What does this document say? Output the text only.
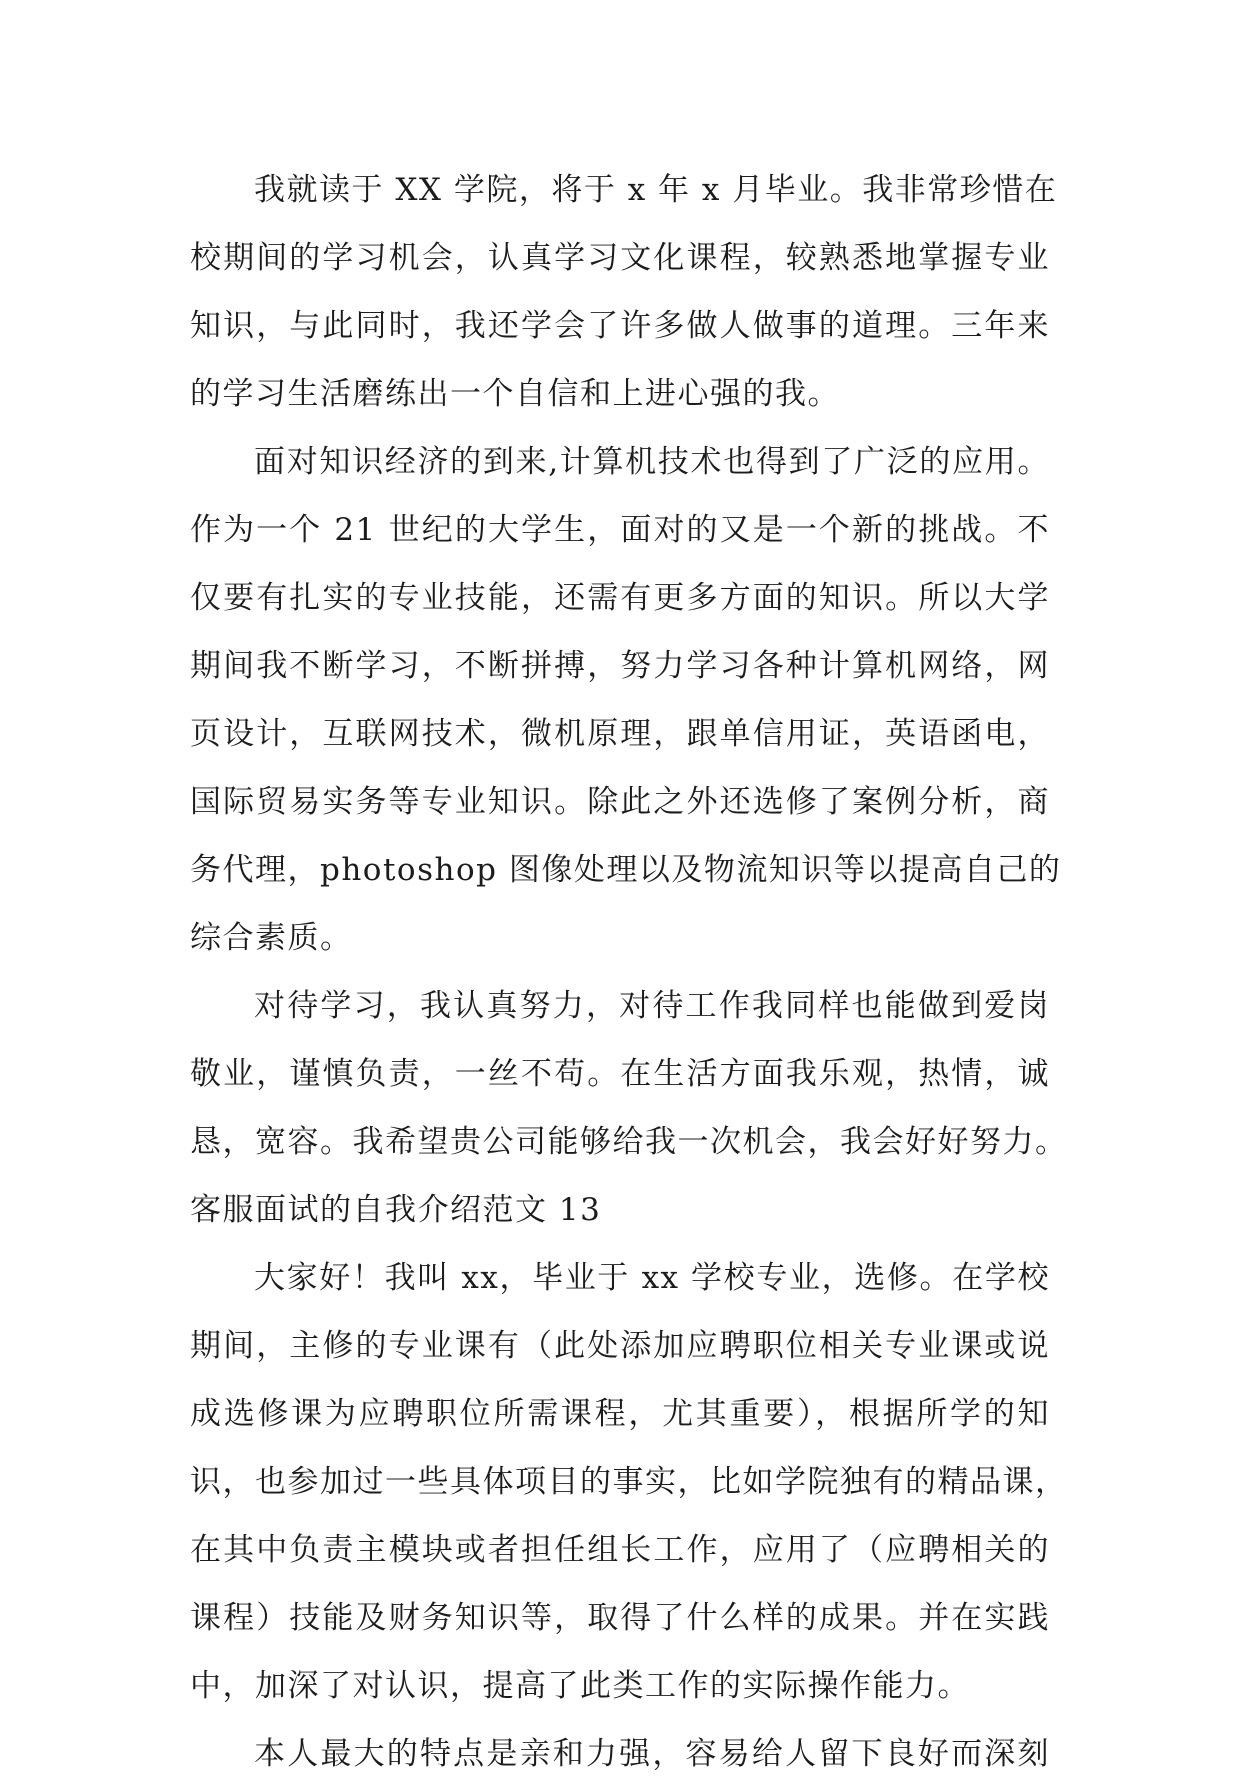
我就读于 XX 学院，将于 x 年 x 月毕业。我非常珍惜在
校期间的学习机会，认真学习文化课程，较熟悉地掌握专业
知识，与此同时，我还学会了许多做人做事的道理。三年来
的学习生活磨练出一个自信和上进心强的我。
面对知识经济的到来,计算机技术也得到了广泛的应用。
作为一个 21 世纪的大学生，面对的又是一个新的挑战。不
仅要有扎实的专业技能，还需有更多方面的知识。所以大学
期间我不断学习，不断拼搏，努力学习各种计算机网络，网
页设计，互联网技术，微机原理，跟单信用证，英语函电，
国际贸易实务等专业知识。除此之外还选修了案例分析，商
务代理，photoshop 图像处理以及物流知识等以提高自己的
综合素质。
对待学习，我认真努力，对待工作我同样也能做到爱岗
敬业，谨慎负责，一丝不苟。在生活方面我乐观，热情，诚
恳，宽容。我希望贵公司能够给我一次机会，我会好好努力。
客服面试的自我介绍范文 13
大家好！我叫 xx，毕业于 xx 学校专业，选修。在学校
期间，主修的专业课有（此处添加应聘职位相关专业课或说
成选修课为应聘职位所需课程，尤其重要），根据所学的知
识，也参加过一些具体项目的事实，比如学院独有的精品课，
在其中负责主模块或者担任组长工作，应用了（应聘相关的
课程）技能及财务知识等，取得了什么样的成果。并在实践
中，加深了对认识，提高了此类工作的实际操作能力。
本人最大的特点是亲和力强，容易给人留下良好而深刻
